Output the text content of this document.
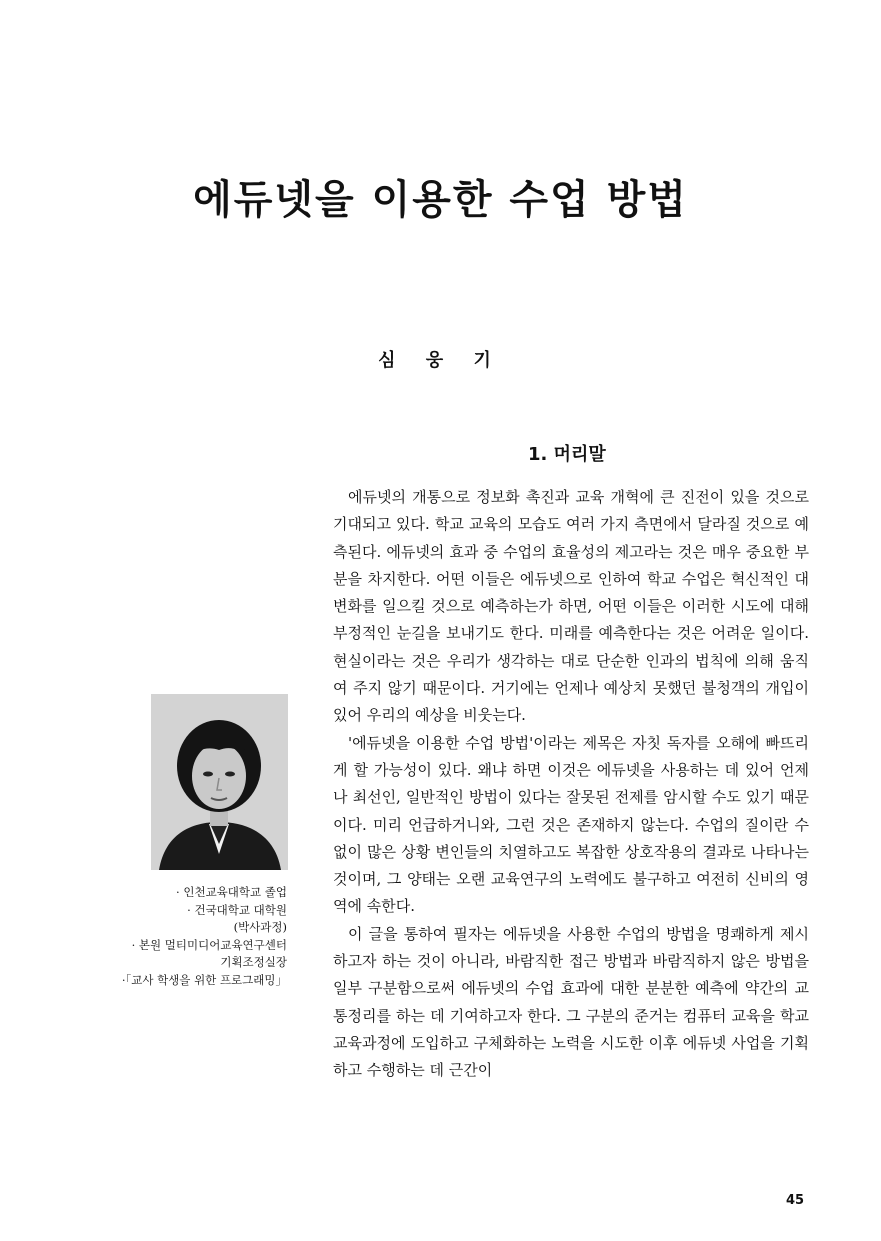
에듀넷을 이용한 수업 방법
심 웅 기
1. 머리말

에듀넷의 개통으로 정보화 촉진과 교육 개혁에 큰 진전이 있을 것으로 기대되고 있다. 학교 교육의 모습도 여러 가지 측면에서 달라질 것으로 예측된다. 에듀넷의 효과 중 수업의 효율성의 제고라는 것은 매우 중요한 부분을 차지한다. 어떤 이들은 에듀넷으로 인하여 학교 수업은 혁신적인 대변화를 일으킬 것으로 예측하는가 하면, 어떤 이들은 이러한 시도에 대해 부정적인 눈길을 보내기도 한다. 미래를 예측한다는 것은 어려운 일이다. 현실이라는 것은 우리가 생각하는 대로 단순한 인과의 법칙에 의해 움직여 주지 않기 때문이다. 거기에는 언제나 예상치 못했던 불청객의 개입이 있어 우리의 예상을 비웃는다.

'에듀넷을 이용한 수업 방법'이라는 제목은 자칫 독자를 오해에 빠뜨리게 할 가능성이 있다. 왜냐 하면 이것은 에듀넷을 사용하는 데 있어 언제나 최선인, 일반적인 방법이 있다는 잘못된 전제를 암시할 수도 있기 때문이다. 미리 언급하거니와, 그런 것은 존재하지 않는다. 수업의 질이란 수없이 많은 상황 변인들의 치열하고도 복잡한 상호작용의 결과로 나타나는 것이며, 그 양태는 오랜 교육연구의 노력에도 불구하고 여전히 신비의 영역에 속한다.

이 글을 통하여 필자는 에듀넷을 사용한 수업의 방법을 명쾌하게 제시하고자 하는 것이 아니라, 바람직한 접근 방법과 바람직하지 않은 방법을 일부 구분함으로써 에듀넷의 수업 효과에 대한 분분한 예측에 약간의 교통정리를 하는 데 기여하고자 한다. 그 구분의 준거는 컴퓨터 교육을 학교 교육과정에 도입하고 구체화하는 노력을 시도한 이후 에듀넷 사업을 기획하고 수행하는 데 근간이

· 인천교육대학교 졸업
· 건국대학교 대학원
(박사과정)
· 본원 멀티미디어교육연구센터
기획조정실장
·「교사 학생을 위한 프로그래밍」
45
